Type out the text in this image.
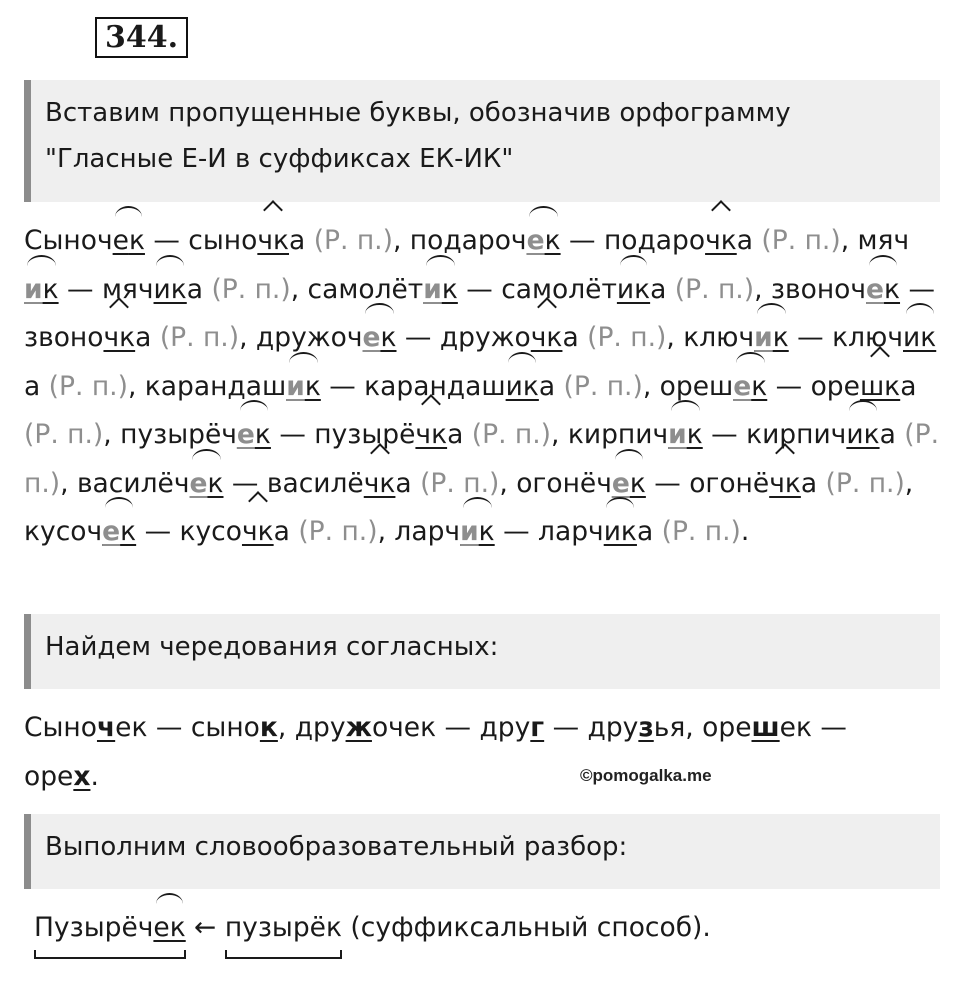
344.
Вставим пропущенные буквы, обозначив орфограмму
"Гласные Е-И в суффиксах ЕК-ИК"
Сыночек — сыночка (Р. п.), подарочек — подарочка (Р. п.), мячик — мячика (Р. п.), самолётик — самолётика (Р. п.), звоночек — звоночка (Р. п.), дружочек — дружочка (Р. п.), ключик — ключика (Р. п.), карандашик — карандашика (Р. п.), орешек — орешка (Р. п.), пузырёчек — пузырёчка (Р. п.), кирпичик — кирпичика (Р. п.), василёчек — василёчка (Р. п.), огонёчек — огонёчка (Р. п.), кусочек — кусочка (Р. п.), ларчик — ларчика (Р. п.).
Найдем чередования согласных:
Сыночек — сынок, дружочек — друг — друзья, орешек —
орех.	©pomogalka.me
Выполним словообразовательный разбор:
Пузырёчек ← пузырёк (суффиксальный способ).
